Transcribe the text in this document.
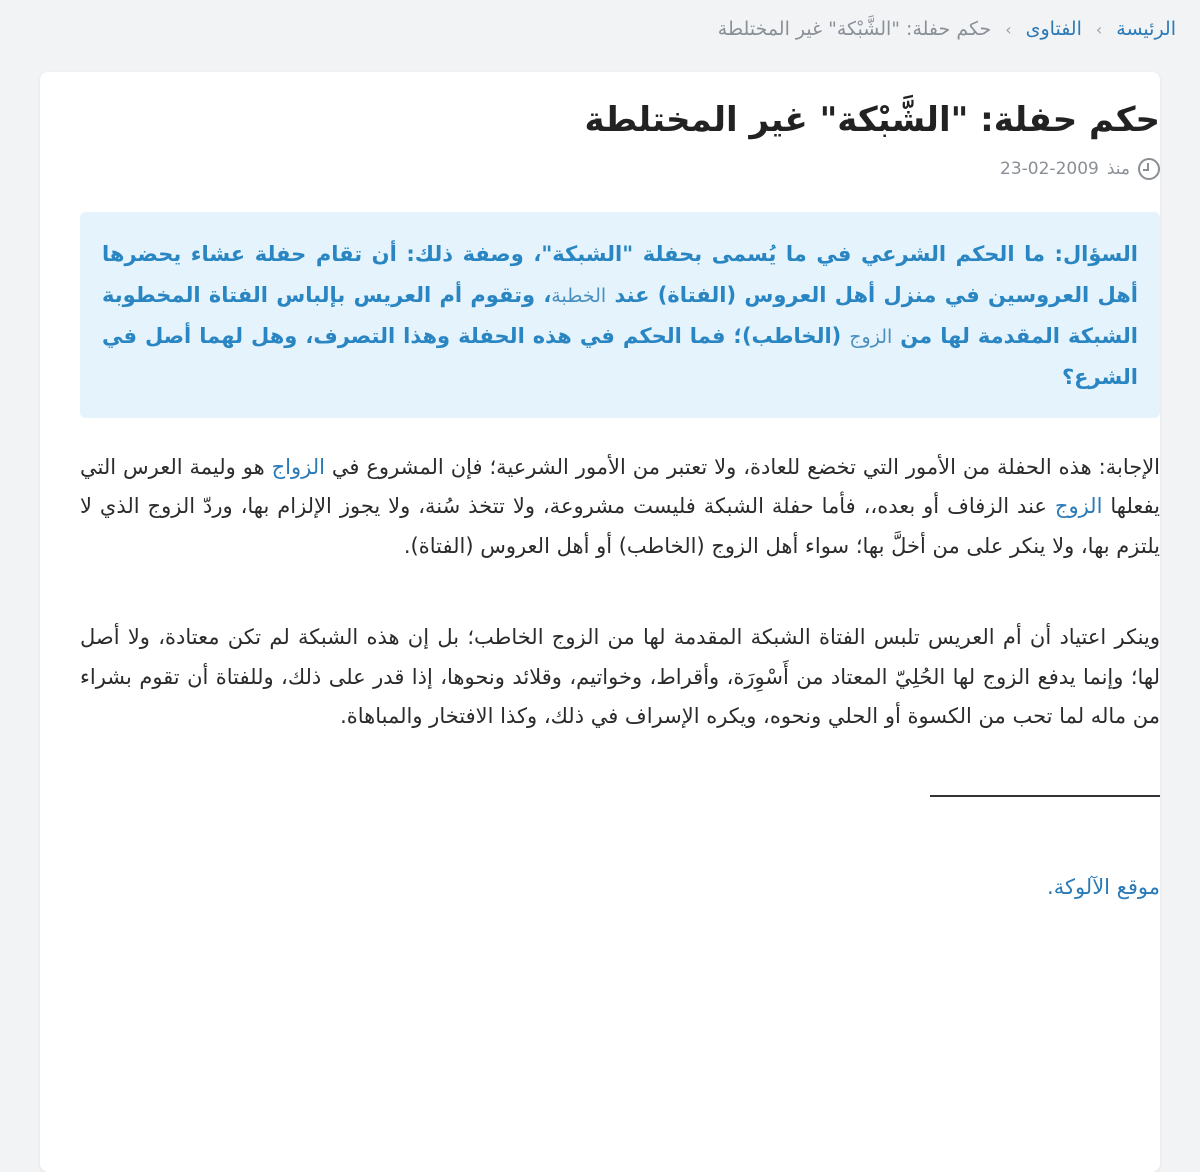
الرئيسة
›
الفتاوى
›
حكم حفلة: "الشَّبْكة" غير المختلطة
حكم حفلة: "الشَّبْكة" غير المختلطة
منذ
23-02-2009
السؤال: ما الحكم الشرعي في ما يُسمى بحفلة "الشبكة"، وصفة ذلك: أن تقام حفلة عشاء يحضرها أهل العروسين في منزل أهل العروس (الفتاة) عند الخطبة، وتقوم أم العريس بإلباس الفتاة المخطوبة الشبكة المقدمة لها من الزوج (الخاطب)؛ فما الحكم في هذه الحفلة وهذا التصرف، وهل لهما أصل في الشرع؟

الإجابة: هذه الحفلة من الأمور التي تخضع للعادة، ولا تعتبر من الأمور الشرعية؛ فإن المشروع في الزواج هو وليمة العرس التي يفعلها الزوج عند الزفاف أو بعده،، فأما حفلة الشبكة فليست مشروعة، ولا تتخذ سُنة، ولا يجوز الإلزام بها، وردّ الزوج الذي لا يلتزم بها، ولا ينكر على من أخلَّ بها؛ سواء أهل الزوج (الخاطب) أو أهل العروس (الفتاة).

وينكر اعتياد أن أم العريس تلبس الفتاة الشبكة المقدمة لها من الزوج الخاطب؛ بل إن هذه الشبكة لم تكن معتادة، ولا أصل لها؛ وإنما يدفع الزوج لها الحُلِيّ المعتاد من أَسْوِرَة، وأقراط، وخواتيم، وقلائد ونحوها، إذا قدر على ذلك، وللفتاة أن تقوم بشراء من ماله لما تحب من الكسوة أو الحلي ونحوه، ويكره الإسراف في ذلك، وكذا الافتخار والمباهاة.

موقع الآلوكة.
